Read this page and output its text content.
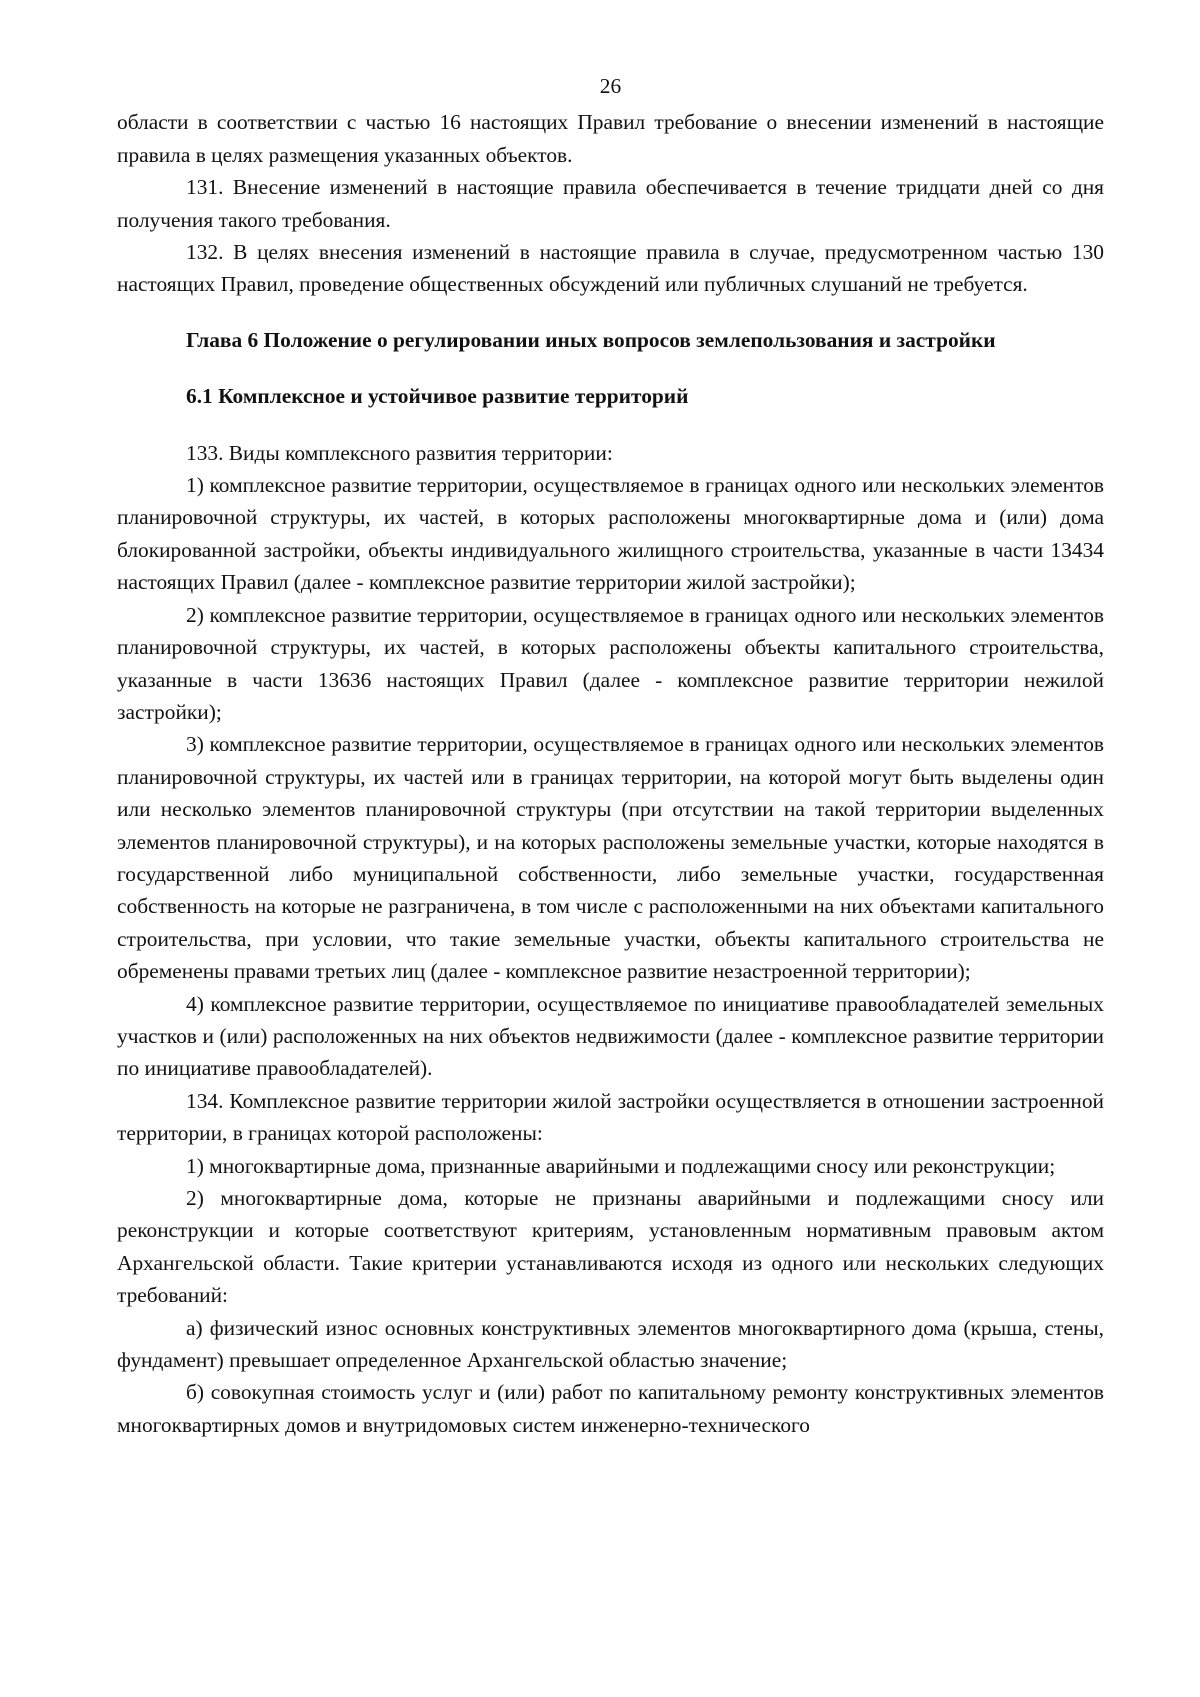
26

области в соответствии с частью 16 настоящих Правил требование о внесении изменений в настоящие правила в целях размещения указанных объектов.

131. Внесение изменений в настоящие правила обеспечивается в течение тридцати дней со дня получения такого требования.

132. В целях внесения изменений в настоящие правила в случае, предусмотренном частью 130 настоящих Правил, проведение общественных обсуждений или публичных слушаний не требуется.

Глава 6 Положение о регулировании иных вопросов землепользования и застройки

6.1 Комплексное и устойчивое развитие территорий

133. Виды комплексного развития территории:

1) комплексное развитие территории, осуществляемое в границах одного или нескольких элементов планировочной структуры, их частей, в которых расположены многоквартирные дома и (или) дома блокированной застройки, объекты индивидуального жилищного строительства, указанные в части 13434 настоящих Правил (далее - комплексное развитие территории жилой застройки);

2) комплексное развитие территории, осуществляемое в границах одного или нескольких элементов планировочной структуры, их частей, в которых расположены объекты капитального строительства, указанные в части 13636 настоящих Правил (далее - комплексное развитие территории нежилой застройки);

3) комплексное развитие территории, осуществляемое в границах одного или нескольких элементов планировочной структуры, их частей или в границах территории, на которой могут быть выделены один или несколько элементов планировочной структуры (при отсутствии на такой территории выделенных элементов планировочной структуры), и на которых расположены земельные участки, которые находятся в государственной либо муниципальной собственности, либо земельные участки, государственная собственность на которые не разграничена, в том числе с расположенными на них объектами капитального строительства, при условии, что такие земельные участки, объекты капитального строительства не обременены правами третьих лиц (далее - комплексное развитие незастроенной территории);

4) комплексное развитие территории, осуществляемое по инициативе правообладателей земельных участков и (или) расположенных на них объектов недвижимости (далее - комплексное развитие территории по инициативе правообладателей).

134. Комплексное развитие территории жилой застройки осуществляется в отношении застроенной территории, в границах которой расположены:

1) многоквартирные дома, признанные аварийными и подлежащими сносу или реконструкции;

2) многоквартирные дома, которые не признаны аварийными и подлежащими сносу или реконструкции и которые соответствуют критериям, установленным нормативным правовым актом Архангельской области. Такие критерии устанавливаются исходя из одного или нескольких следующих требований:

а) физический износ основных конструктивных элементов многоквартирного дома (крыша, стены, фундамент) превышает определенное Архангельской областью значение;

б) совокупная стоимость услуг и (или) работ по капитальному ремонту конструктивных элементов многоквартирных домов и внутридомовых систем инженерно-технического
